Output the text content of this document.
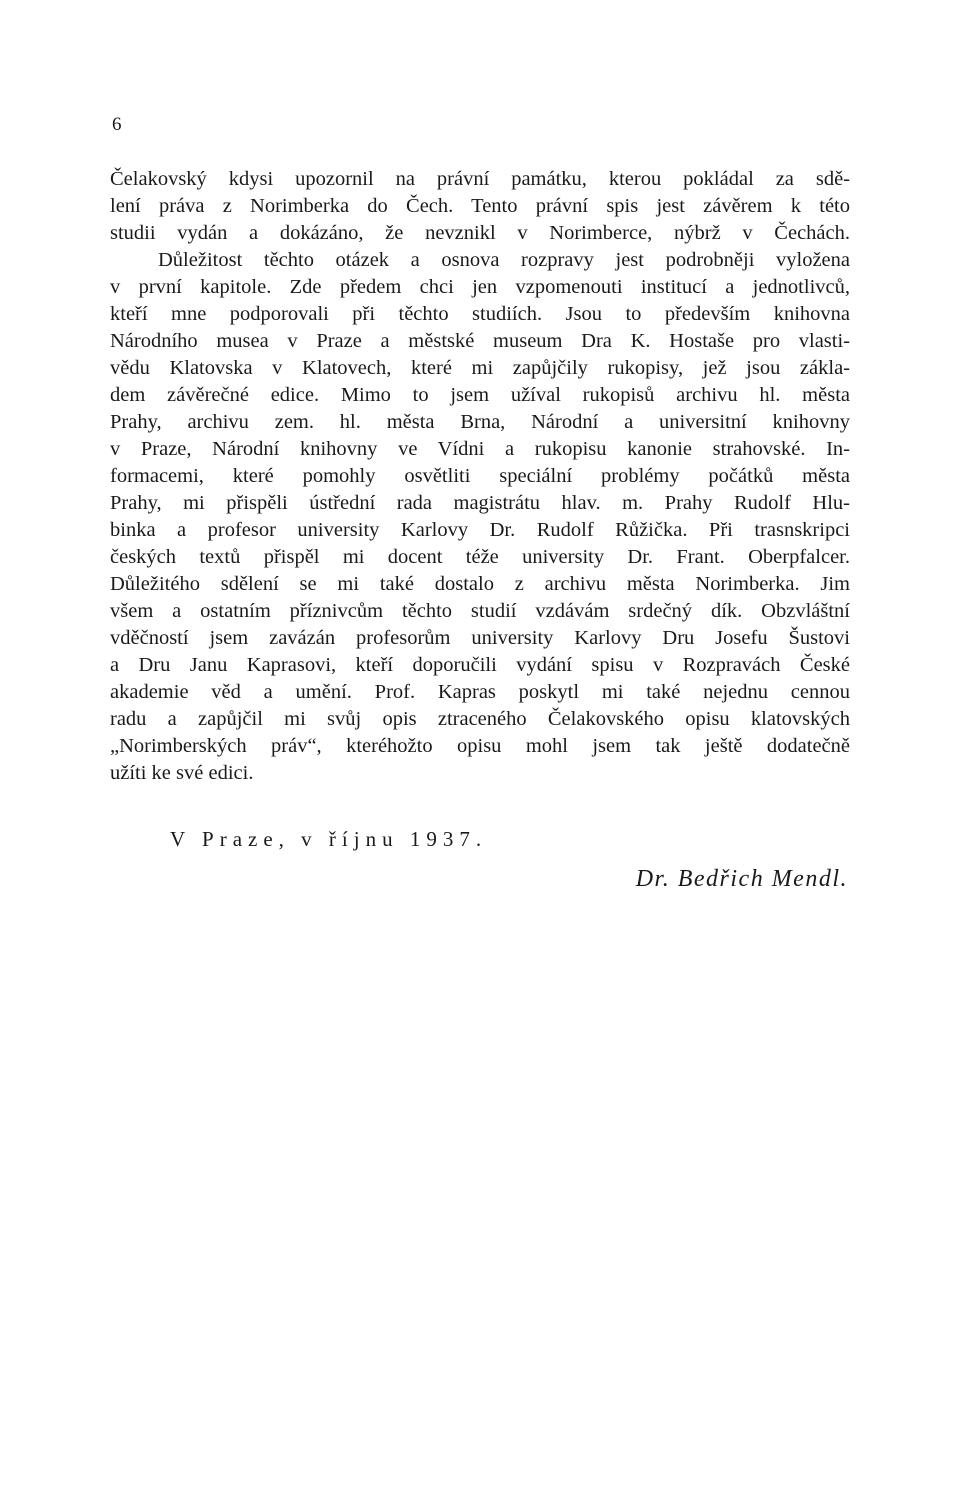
6
Čelakovský kdysi upozornil na právní památku, kterou pokládal za sdě-
lení práva z Norimberka do Čech. Tento právní spis jest závěrem k této
studii vydán a dokázáno, že nevznikl v Norimberce, nýbrž v Čechách.
Důležitost těchto otázek a osnova rozpravy jest podrobněji vyložena
v první kapitole. Zde předem chci jen vzpomenouti institucí a jednotlivců,
kteří mne podporovali při těchto studiích. Jsou to především knihovna
Národního musea v Praze a městské museum Dra K. Hostaše pro vlasti-
vědu Klatovska v Klatovech, které mi zapůjčily rukopisy, jež jsou zákla-
dem závěrečné edice. Mimo to jsem užíval rukopisů archivu hl. města
Prahy, archivu zem. hl. města Brna, Národní a universitní knihovny
v Praze, Národní knihovny ve Vídni a rukopisu kanonie strahovské. In-
formacemi, které pomohly osvětliti speciální problémy počátků města
Prahy, mi přispěli ústřední rada magistrátu hlav. m. Prahy Rudolf Hlu-
binka a profesor university Karlovy Dr. Rudolf Růžička. Při trasnskripci
českých textů přispěl mi docent téže university Dr. Frant. Oberpfalcer.
Důležitého sdělení se mi také dostalo z archivu města Norimberka. Jim
všem a ostatním příznivcům těchto studií vzdávám srdečný dík. Obzvláštní
vděčností jsem zavázán profesorům university Karlovy Dru Josefu Šustovi
a Dru Janu Kaprasovi, kteří doporučili vydání spisu v Rozpravách České
akademie věd a umění. Prof. Kapras poskytl mi také nejednu cennou
radu a zapůjčil mi svůj opis ztraceného Čelakovského opisu klatovských
„Norimberských práv“, kteréhožto opisu mohl jsem tak ještě dodatečně
užíti ke své edici.
V Praze, v říjnu 1937.
Dr. Bedřich Mendl.
